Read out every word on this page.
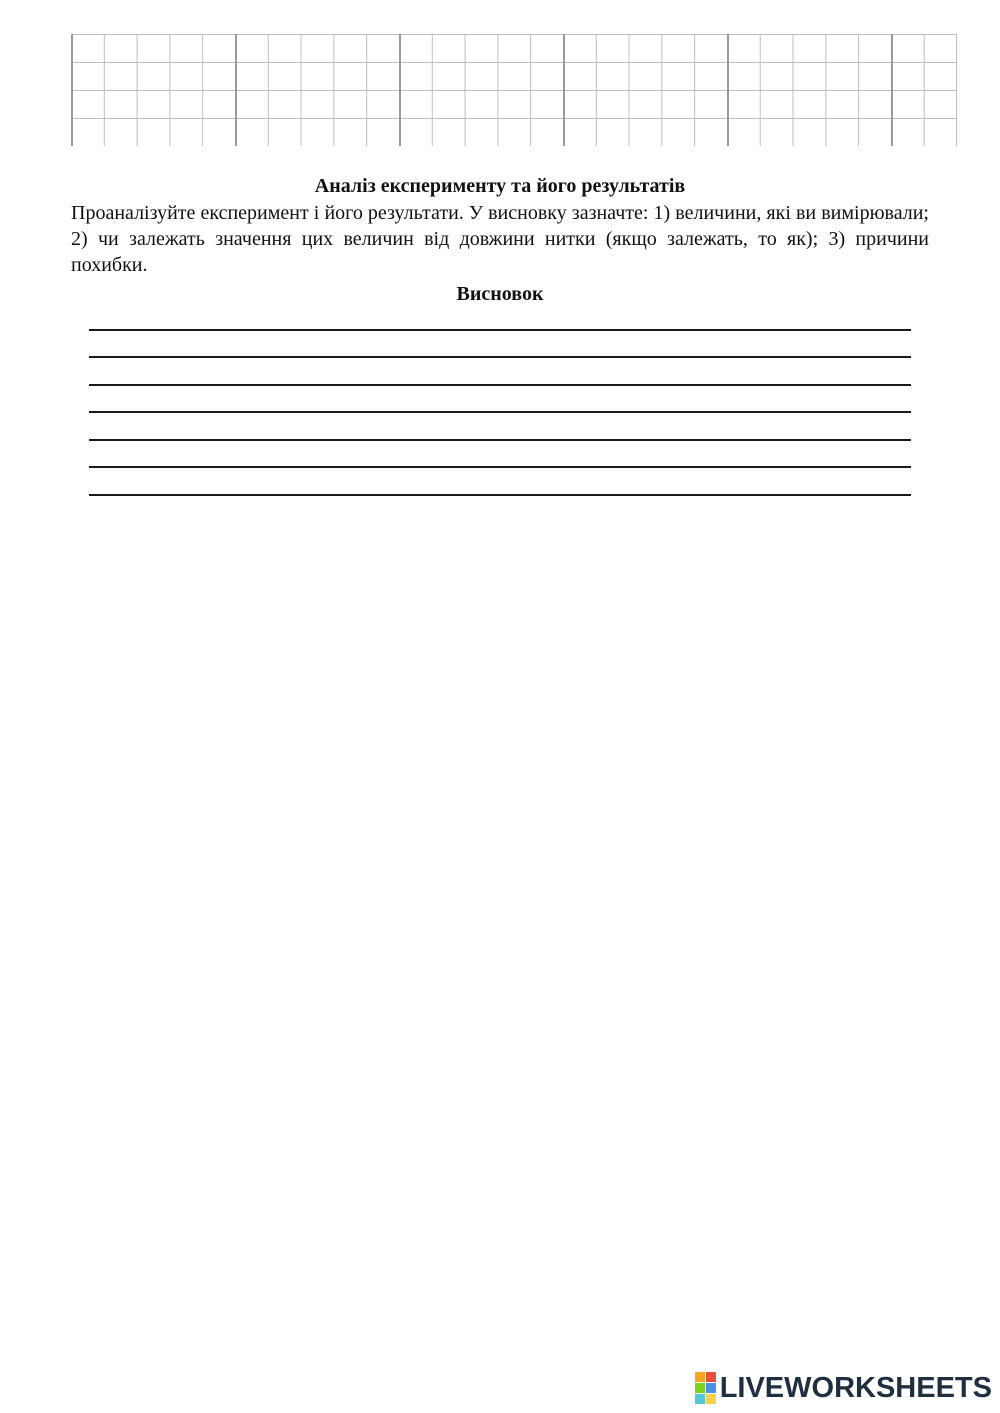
Аналіз експерименту та його результатів

Проаналізуйте експеримент і його результати. У висновку зазначте: 1) величини, які ви вимірювали; 2) чи залежать значення цих величин від довжини нитки (якщо залежать, то як); 3) причини похибки.

Висновок
LIVEWORKSHEETS
